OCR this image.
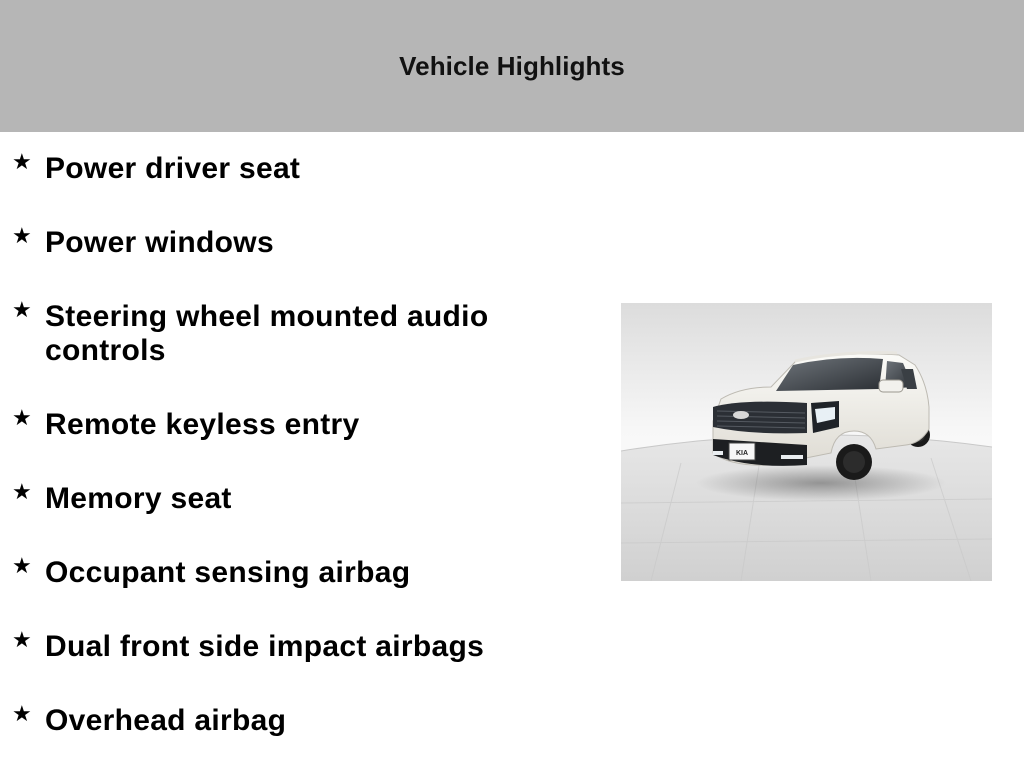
Vehicle Highlights
★ Power driver seat
★ Power windows
★ Steering wheel mounted audio controls
★ Remote keyless entry
★ Memory seat
★ Occupant sensing airbag
★ Dual front side impact airbags
★ Overhead airbag
KIA
